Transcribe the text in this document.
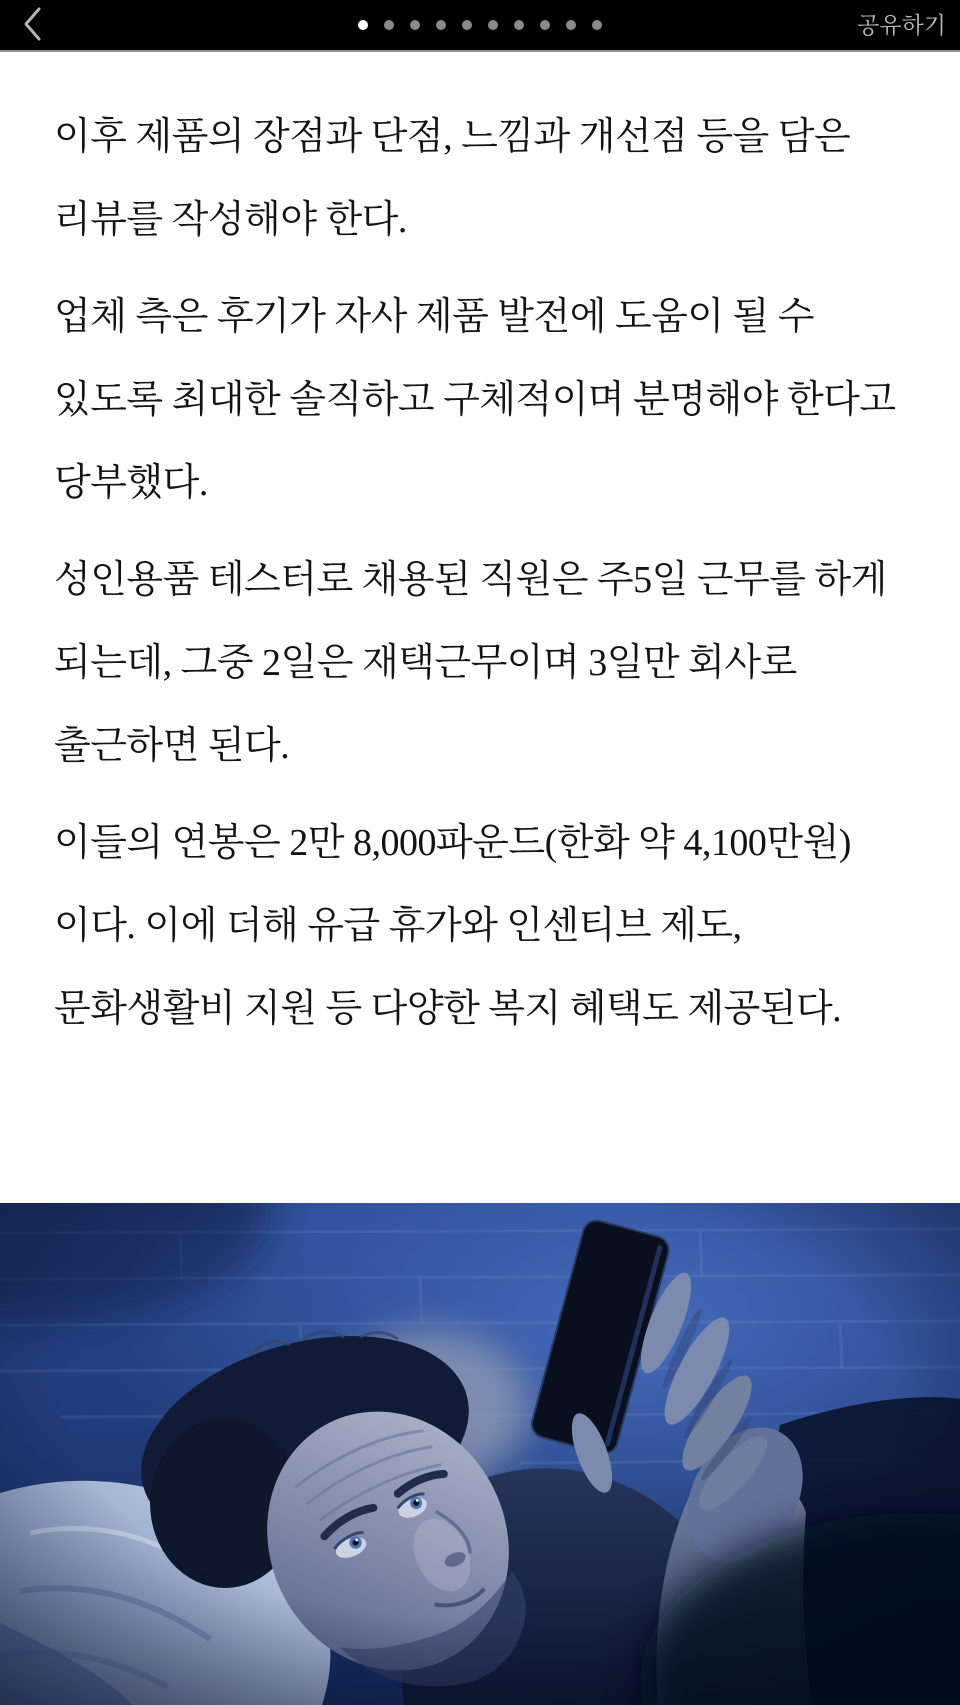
공유하기

이후 제품의 장점과 단점, 느낌과 개선점 등을 담은 리뷰를 작성해야 한다.

업체 측은 후기가 자사 제품 발전에 도움이 될 수 있도록 최대한 솔직하고 구체적이며 분명해야 한다고 당부했다.

성인용품 테스터로 채용된 직원은 주5일 근무를 하게 되는데, 그중 2일은 재택근무이며 3일만 회사로 출근하면 된다.

이들의 연봉은 2만 8,000파운드(한화 약 4,100만원)이다. 이에 더해 유급 휴가와 인센티브 제도, 문화생활비 지원 등 다양한 복지 혜택도 제공된다.
